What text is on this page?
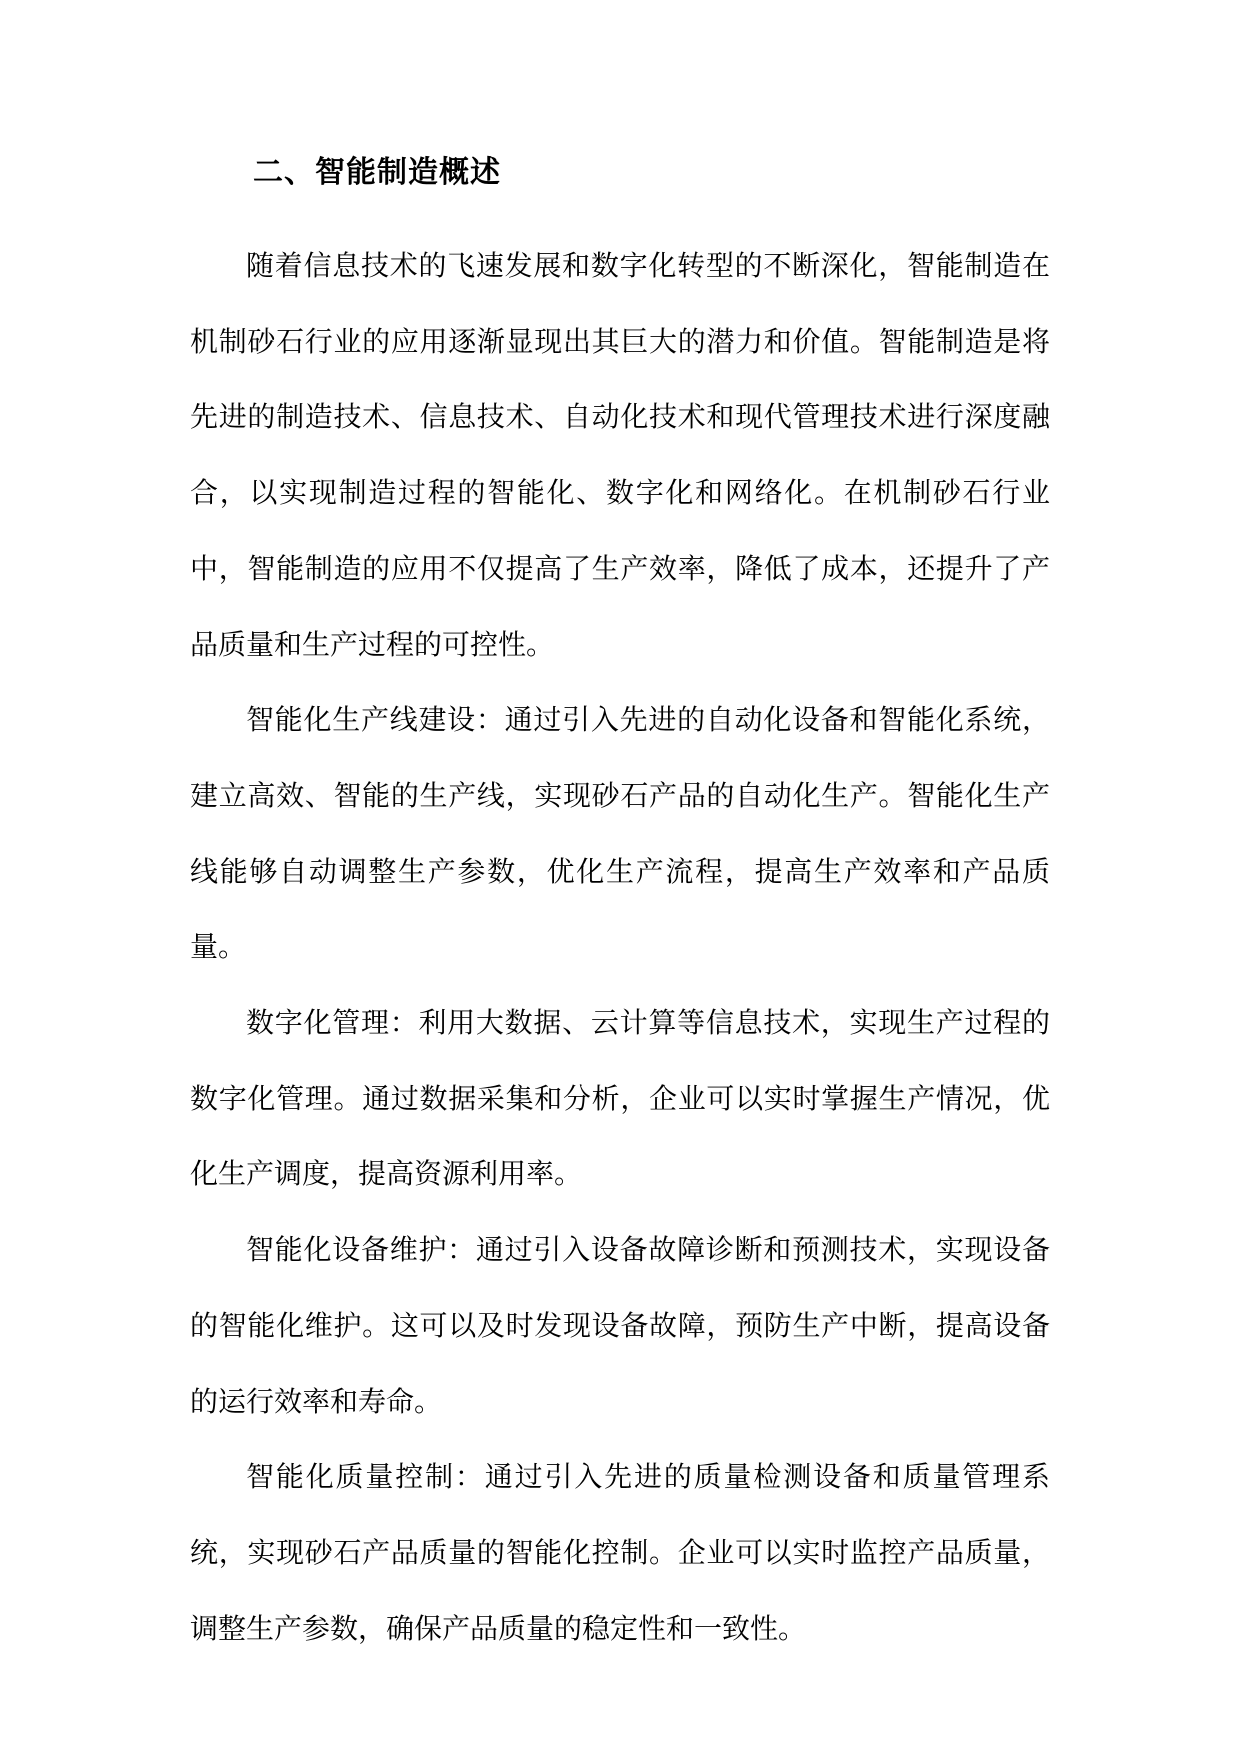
二、智能制造概述

随着信息技术的飞速发展和数字化转型的不断深化，智能制造在机制砂石行业的应用逐渐显现出其巨大的潜力和价值。智能制造是将先进的制造技术、信息技术、自动化技术和现代管理技术进行深度融合，以实现制造过程的智能化、数字化和网络化。在机制砂石行业中，智能制造的应用不仅提高了生产效率，降低了成本，还提升了产品质量和生产过程的可控性。

智能化生产线建设：通过引入先进的自动化设备和智能化系统，建立高效、智能的生产线，实现砂石产品的自动化生产。智能化生产线能够自动调整生产参数，优化生产流程，提高生产效率和产品质量。

数字化管理：利用大数据、云计算等信息技术，实现生产过程的数字化管理。通过数据采集和分析，企业可以实时掌握生产情况，优化生产调度，提高资源利用率。

智能化设备维护：通过引入设备故障诊断和预测技术，实现设备的智能化维护。这可以及时发现设备故障，预防生产中断，提高设备的运行效率和寿命。

智能化质量控制：通过引入先进的质量检测设备和质量管理系统，实现砂石产品质量的智能化控制。企业可以实时监控产品质量，调整生产参数，确保产品质量的稳定性和一致性。
